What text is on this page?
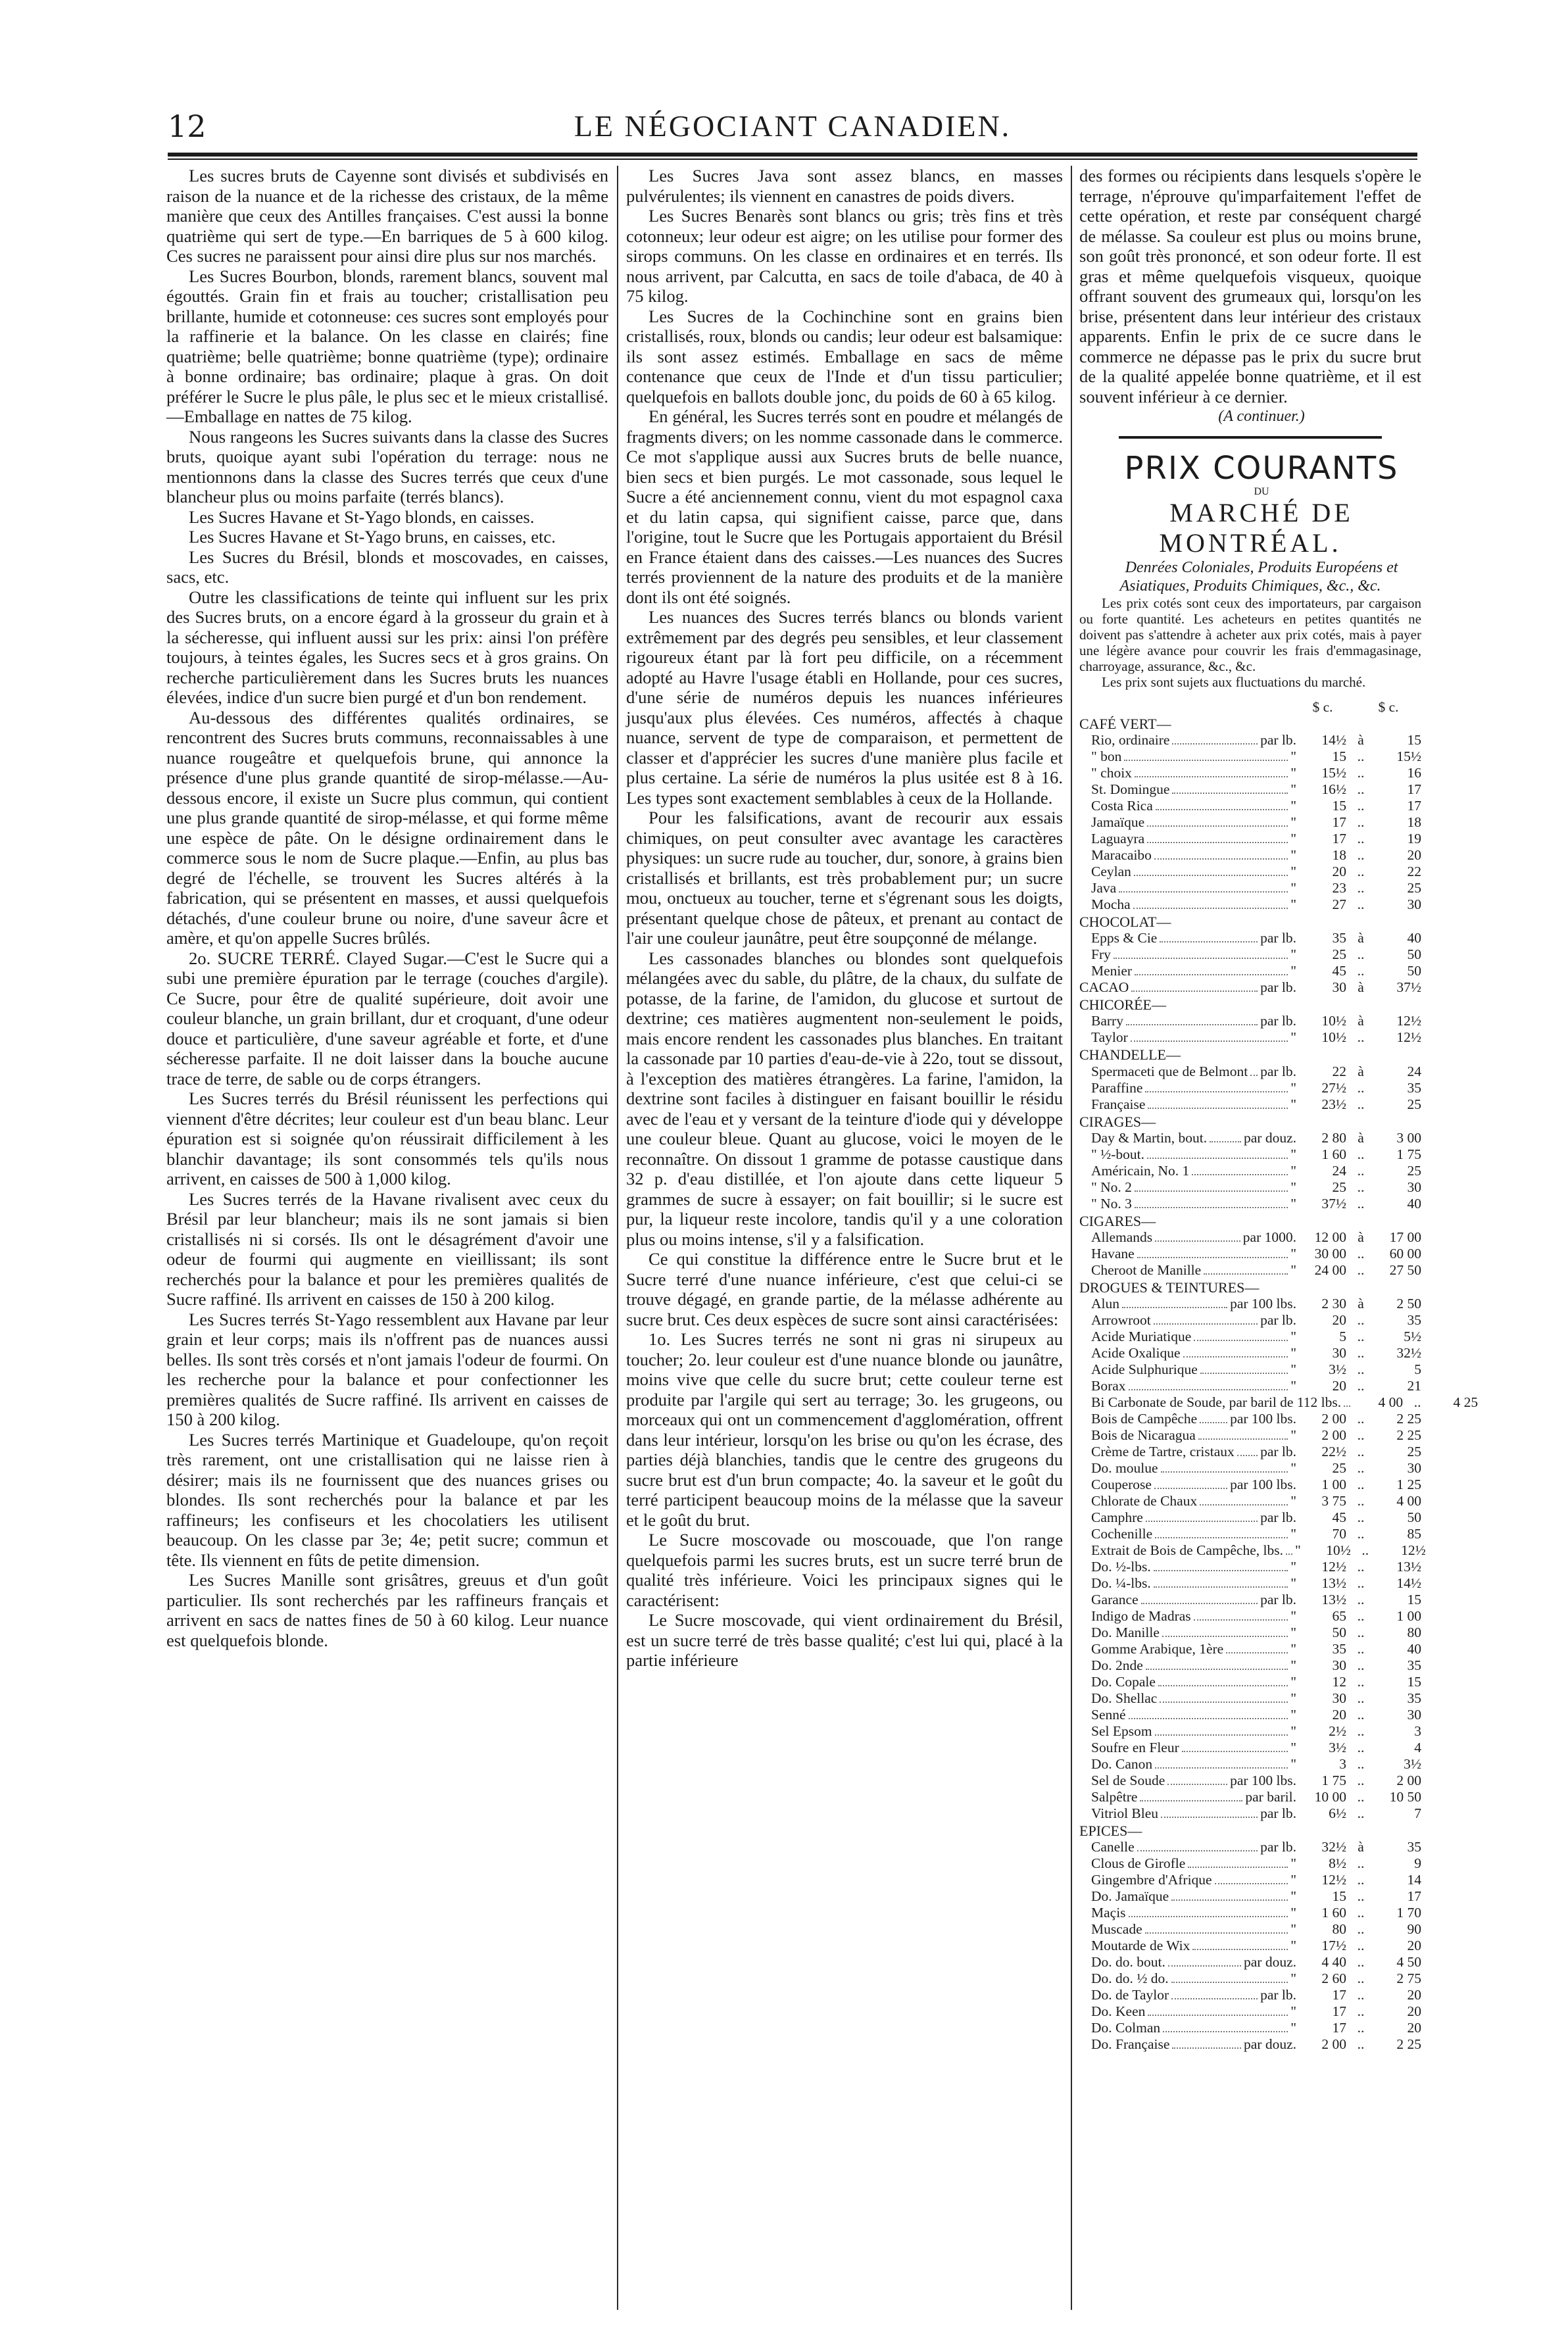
12	LE NÉGOCIANT CANADIEN.

Les sucres bruts de Cayenne sont divisés et subdivisés en raison de la nuance et de la richesse des cristaux, de la même manière que ceux des Antilles françaises. C'est aussi la bonne quatrième qui sert de type.—En barriques de 5 à 600 kilog. Ces sucres ne paraissent pour ainsi dire plus sur nos marchés.

Les Sucres Bourbon, blonds, rarement blancs, souvent mal égouttés. Grain fin et frais au toucher; cristallisation peu brillante, humide et cotonneuse: ces sucres sont employés pour la raffinerie et la balance. On les classe en clairés; fine quatrième; belle quatrième; bonne quatrième (type); ordinaire à bonne ordinaire; bas ordinaire; plaque à gras. On doit préférer le Sucre le plus pâle, le plus sec et le mieux cristallisé.—Emballage en nattes de 75 kilog.

Nous rangeons les Sucres suivants dans la classe des Sucres bruts, quoique ayant subi l'opération du terrage: nous ne mentionnons dans la classe des Sucres terrés que ceux d'une blancheur plus ou moins parfaite (terrés blancs).

Les Sucres Havane et St-Yago blonds, en caisses.

Les Sucres Havane et St-Yago bruns, en caisses, etc.

Les Sucres du Brésil, blonds et moscovades, en caisses, sacs, etc.

Outre les classifications de teinte qui influent sur les prix des Sucres bruts, on a encore égard à la grosseur du grain et à la sécheresse, qui influent aussi sur les prix: ainsi l'on préfère toujours, à teintes égales, les Sucres secs et à gros grains. On recherche particulièrement dans les Sucres bruts les nuances élevées, indice d'un sucre bien purgé et d'un bon rendement.

Au-dessous des différentes qualités ordinaires, se rencontrent des Sucres bruts communs, reconnaissables à une nuance rougeâtre et quelquefois brune, qui annonce la présence d'une plus grande quantité de sirop-mélasse.—Au-dessous encore, il existe un Sucre plus commun, qui contient une plus grande quantité de sirop-mélasse, et qui forme même une espèce de pâte. On le désigne ordinairement dans le commerce sous le nom de Sucre plaque.—Enfin, au plus bas degré de l'échelle, se trouvent les Sucres altérés à la fabrication, qui se présentent en masses, et aussi quelquefois détachés, d'une couleur brune ou noire, d'une saveur âcre et amère, et qu'on appelle Sucres brûlés.

2o. SUCRE TERRÉ. Clayed Sugar.—C'est le Sucre qui a subi une première épuration par le terrage (couches d'argile). Ce Sucre, pour être de qualité supérieure, doit avoir une couleur blanche, un grain brillant, dur et croquant, d'une odeur douce et particulière, d'une saveur agréable et forte, et d'une sécheresse parfaite. Il ne doit laisser dans la bouche aucune trace de terre, de sable ou de corps étrangers.

Les Sucres terrés du Brésil réunissent les perfections qui viennent d'être décrites; leur couleur est d'un beau blanc. Leur épuration est si soignée qu'on réussirait difficilement à les blanchir davantage; ils sont consommés tels qu'ils nous arrivent, en caisses de 500 à 1,000 kilog.

Les Sucres terrés de la Havane rivalisent avec ceux du Brésil par leur blancheur; mais ils ne sont jamais si bien cristallisés ni si corsés. Ils ont le désagrément d'avoir une odeur de fourmi qui augmente en vieillissant; ils sont recherchés pour la balance et pour les premières qualités de Sucre raffiné. Ils arrivent en caisses de 150 à 200 kilog.

Les Sucres terrés St-Yago ressemblent aux Havane par leur grain et leur corps; mais ils n'offrent pas de nuances aussi belles. Ils sont très corsés et n'ont jamais l'odeur de fourmi. On les recherche pour la balance et pour confectionner les premières qualités de Sucre raffiné. Ils arrivent en caisses de 150 à 200 kilog.

Les Sucres terrés Martinique et Guadeloupe, qu'on reçoit très rarement, ont une cristallisation qui ne laisse rien à désirer; mais ils ne fournissent que des nuances grises ou blondes. Ils sont recherchés pour la balance et par les raffineurs; les confiseurs et les chocolatiers les utilisent beaucoup. On les classe par 3e; 4e; petit sucre; commun et tête. Ils viennent en fûts de petite dimension.

Les Sucres Manille sont grisâtres, greuus et d'un goût particulier. Ils sont recherchés par les raffineurs français et arrivent en sacs de nattes fines de 50 à 60 kilog. Leur nuance est quelquefois blonde.

Les Sucres Java sont assez blancs, en masses pulvérulentes; ils viennent en canastres de poids divers.

Les Sucres Benarès sont blancs ou gris; très fins et très cotonneux; leur odeur est aigre; on les utilise pour former des sirops communs. On les classe en ordinaires et en terrés. Ils nous arrivent, par Calcutta, en sacs de toile d'abaca, de 40 à 75 kilog.

Les Sucres de la Cochinchine sont en grains bien cristallisés, roux, blonds ou candis; leur odeur est balsamique: ils sont assez estimés. Emballage en sacs de même contenance que ceux de l'Inde et d'un tissu particulier; quelquefois en ballots double jonc, du poids de 60 à 65 kilog.

En général, les Sucres terrés sont en poudre et mélangés de fragments divers; on les nomme cassonade dans le commerce. Ce mot s'applique aussi aux Sucres bruts de belle nuance, bien secs et bien purgés. Le mot cassonade, sous lequel le Sucre a été anciennement connu, vient du mot espagnol caxa et du latin capsa, qui signifient caisse, parce que, dans l'origine, tout le Sucre que les Portugais apportaient du Brésil en France étaient dans des caisses.—Les nuances des Sucres terrés proviennent de la nature des produits et de la manière dont ils ont été soignés.

Les nuances des Sucres terrés blancs ou blonds varient extrêmement par des degrés peu sensibles, et leur classement rigoureux étant par là fort peu difficile, on a récemment adopté au Havre l'usage établi en Hollande, pour ces sucres, d'une série de numéros depuis les nuances inférieures jusqu'aux plus élevées. Ces numéros, affectés à chaque nuance, servent de type de comparaison, et permettent de classer et d'apprécier les sucres d'une manière plus facile et plus certaine. La série de numéros la plus usitée est 8 à 16. Les types sont exactement semblables à ceux de la Hollande.

Pour les falsifications, avant de recourir aux essais chimiques, on peut consulter avec avantage les caractères physiques: un sucre rude au toucher, dur, sonore, à grains bien cristallisés et brillants, est très probablement pur; un sucre mou, onctueux au toucher, terne et s'égrenant sous les doigts, présentant quelque chose de pâteux, et prenant au contact de l'air une couleur jaunâtre, peut être soupçonné de mélange.

Les cassonades blanches ou blondes sont quelquefois mélangées avec du sable, du plâtre, de la chaux, du sulfate de potasse, de la farine, de l'amidon, du glucose et surtout de dextrine; ces matières augmentent non-seulement le poids, mais encore rendent les cassonades plus blanches. En traitant la cassonade par 10 parties d'eau-de-vie à 22o, tout se dissout, à l'exception des matières étrangères. La farine, l'amidon, la dextrine sont faciles à distinguer en faisant bouillir le résidu avec de l'eau et y versant de la teinture d'iode qui y développe une couleur bleue. Quant au glucose, voici le moyen de le reconnaître. On dissout 1 gramme de potasse caustique dans 32 p. d'eau distillée, et l'on ajoute dans cette liqueur 5 grammes de sucre à essayer; on fait bouillir; si le sucre est pur, la liqueur reste incolore, tandis qu'il y a une coloration plus ou moins intense, s'il y a falsification.

Ce qui constitue la différence entre le Sucre brut et le Sucre terré d'une nuance inférieure, c'est que celui-ci se trouve dégagé, en grande partie, de la mélasse adhérente au sucre brut. Ces deux espèces de sucre sont ainsi caractérisées:

1o. Les Sucres terrés ne sont ni gras ni sirupeux au toucher; 2o. leur couleur est d'une nuance blonde ou jaunâtre, moins vive que celle du sucre brut; cette couleur terne est produite par l'argile qui sert au terrage; 3o. les grugeons, ou morceaux qui ont un commencement d'agglomération, offrent dans leur intérieur, lorsqu'on les brise ou qu'on les écrase, des parties déjà blanchies, tandis que le centre des grugeons du sucre brut est d'un brun compacte; 4o. la saveur et le goût du terré participent beaucoup moins de la mélasse que la saveur et le goût du brut.

Le Sucre moscovade ou moscouade, que l'on range quelquefois parmi les sucres bruts, est un sucre terré brun de qualité très inférieure. Voici les principaux signes qui le caractérisent:

Le Sucre moscovade, qui vient ordinairement du Brésil, est un sucre terré de très basse qualité; c'est lui qui, placé à la partie inférieure

des formes ou récipients dans lesquels s'opère le terrage, n'éprouve qu'imparfaitement l'effet de cette opération, et reste par conséquent chargé de mélasse. Sa couleur est plus ou moins brune, son goût très prononcé, et son odeur forte. Il est gras et même quelquefois visqueux, quoique offrant souvent des grumeaux qui, lorsqu'on les brise, présentent dans leur intérieur des cristaux apparents. Enfin le prix de ce sucre dans le commerce ne dépasse pas le prix du sucre brut de la qualité appelée bonne quatrième, et il est souvent inférieur à ce dernier.

(A continuer.)

PRIX COURANTS

DU

MARCHÉ DE MONTRÉAL.

Denrées Coloniales, Produits Européens et Asiatiques, Produits Chimiques, &c., &c.

Les prix cotés sont ceux des importateurs, par cargaison ou forte quantité. Les acheteurs en petites quantités ne doivent pas s'attendre à acheter aux prix cotés, mais à payer une légère avance pour couvrir les frais d'emmagasinage, charroyage, assurance, &c., &c.

Les prix sont sujets aux fluctuations du marché.

$ c.	$ c.
CAFÉ VERT—
Rio, ordinaire	par lb.	14½ à	15
" bon	"	15 ..	15½
" choix	"	15½ ..	16
St. Domingue	"	16½ ..	17
Costa Rica	"	15 ..	17
Jamaïque	"	17 ..	18
Laguayra	"	17 ..	19
Maracaibo	"	18 ..	20
Ceylan	"	20 ..	22
Java	"	23 ..	25
Mocha	"	27 ..	30
CHOCOLAT—
Epps & Cie	par lb.	35 à	40
Fry	"	25 ..	50
Menier	"	45 ..	50
CACAO	par lb.	30 à	37½
CHICORÉE—
Barry	par lb.	10½ à	12½
Taylor	"	10½ ..	12½
CHANDELLE—
Spermaceti que de Belmont par lb.	22 à	24
Paraffine	"	27½ ..	35
Française	"	23½ ..	25
CIRAGES—
Day & Martin, bout.	par douz.	2 80 à	3 00
" ½-bout.	"	1 60 ..	1 75
Américain, No. 1	"	24 ..	25
" No. 2	"	25 ..	30
" No. 3	"	37½ ..	40
CIGARES—
Allemands	par 1000.	12 00 à	17 00
Havane	"	30 00 ..	60 00
Cheroot de Manille	"	24 00 ..	27 50
DROGUES & TEINTURES—
Alun	par 100 lbs.	2 30 à	2 50
Arrowroot	par lb.	20 ..	35
Acide Muriatique	"	5 ..	5½
Acide Oxalique	"	30 ..	32½
Acide Sulphurique	"	3½ ..	5
Borax	"	20 ..	21
Bi Carbonate de Soude, par baril de 112 lbs.	4 00 ..	4 25
Bois de Campêche par 100 lbs.	2 00 ..	2 25
Bois de Nicaragua	"	2 00 ..	2 25
Crème de Tartre, cristaux par lb.	22½ ..	25
Do. moulue	"	25 ..	30
Couperose	par 100 lbs.	1 00 ..	1 25
Chlorate de Chaux	"	3 75 ..	4 00
Camphre	par lb.	45 ..	50
Cochenille	"	70 ..	85
Extrait de Bois de Campêche, lbs. "	10½ ..	12½
Do. ½-lbs.	"	12½ ..	13½
Do. ¼-lbs.	"	13½ ..	14½
Garance	par lb.	13½ ..	15
Indigo de Madras	"	65 ..	1 00
Do. Manille	"	50 ..	80
Gomme Arabique, 1ère	"	35 ..	40
Do. 2nde	"	30 ..	35
Do. Copale	"	12 ..	15
Do. Shellac	"	30 ..	35
Senné	"	20 ..	30
Sel Epsom	"	2½ ..	3
Soufre en Fleur	"	3½ ..	4
Do. Canon	"	3 ..	3½
Sel de Soude	par 100 lbs.	1 75 ..	2 00
Salpêtre	par baril.	10 00 ..	10 50
Vitriol Bleu	par lb.	6½ ..	7
EPICES—
Canelle	par lb.	32½ à	35
Clous de Girofle	"	8½ ..	9
Gingembre d'Afrique	"	12½ ..	14
Do. Jamaïque	"	15 ..	17
Maçis	"	1 60 ..	1 70
Muscade	"	80 ..	90
Moutarde de Wix	"	17½ ..	20
Do. do. bout.	par douz.	4 40 ..	4 50
Do. do. ½ do.	"	2 60 ..	2 75
Do. de Taylor	par lb.	17 ..	20
Do. Keen	"	17 ..	20
Do. Colman	"	17 ..	20
Do. Française	par douz.	2 00 ..	2 25
